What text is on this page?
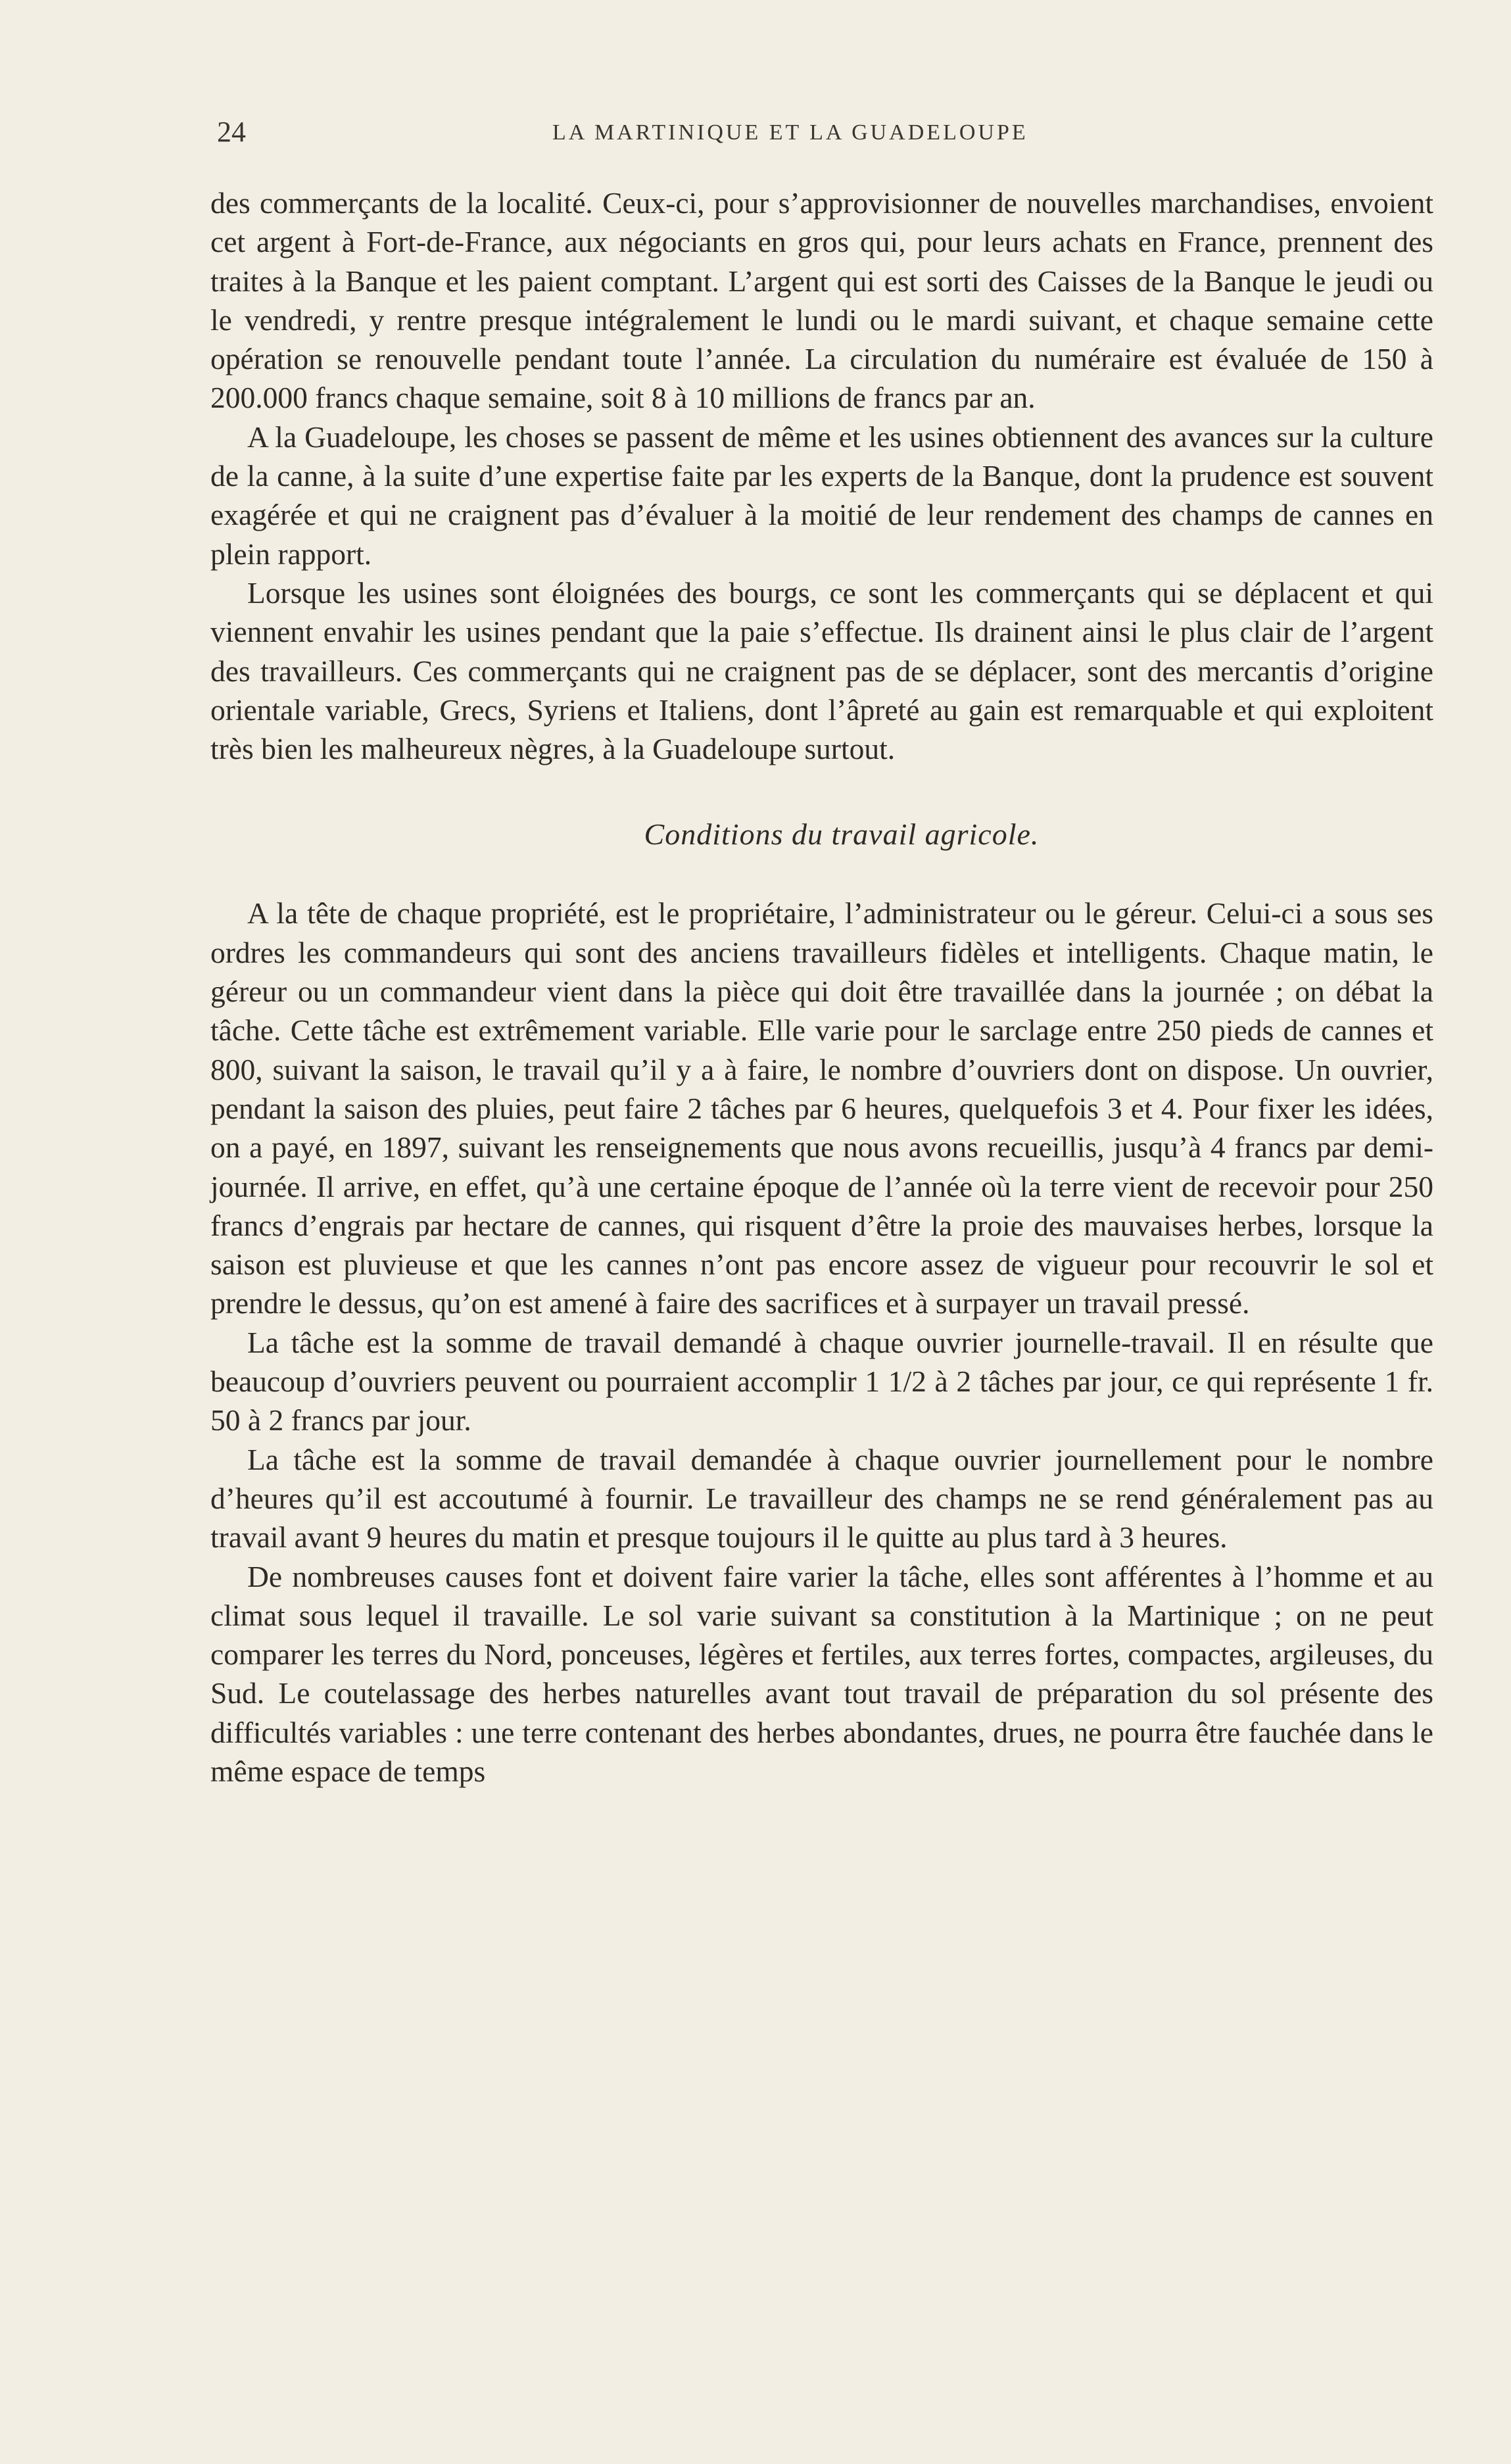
24	LA MARTINIQUE ET LA GUADELOUPE

des commerçants de la localité. Ceux-ci, pour s’approvisionner de nouvelles marchandises, envoient cet argent à Fort-de-France, aux négociants en gros qui, pour leurs achats en France, prennent des traites à la Banque et les paient comptant. L’argent qui est sorti des Caisses de la Banque le jeudi ou le vendredi, y rentre presque intégralement le lundi ou le mardi suivant, et chaque semaine cette opération se renouvelle pendant toute l’année. La circulation du numéraire est évaluée de 150 à 200.000 francs chaque semaine, soit 8 à 10 millions de francs par an.

A la Guadeloupe, les choses se passent de même et les usines obtiennent des avances sur la culture de la canne, à la suite d’une expertise faite par les experts de la Banque, dont la prudence est souvent exagérée et qui ne craignent pas d’évaluer à la moitié de leur rendement des champs de cannes en plein rapport.

Lorsque les usines sont éloignées des bourgs, ce sont les commerçants qui se déplacent et qui viennent envahir les usines pendant que la paie s’effectue. Ils drainent ainsi le plus clair de l’argent des travailleurs. Ces commerçants qui ne craignent pas de se déplacer, sont des mercantis d’origine orientale variable, Grecs, Syriens et Italiens, dont l’âpreté au gain est remarquable et qui exploitent très bien les malheureux nègres, à la Guadeloupe surtout.

Conditions du travail agricole.

A la tête de chaque propriété, est le propriétaire, l’administrateur ou le géreur. Celui-ci a sous ses ordres les commandeurs qui sont des anciens travailleurs fidèles et intelligents. Chaque matin, le géreur ou un commandeur vient dans la pièce qui doit être travaillée dans la journée ; on débat la tâche. Cette tâche est extrêmement variable. Elle varie pour le sarclage entre 250 pieds de cannes et 800, suivant la saison, le travail qu’il y a à faire, le nombre d’ouvriers dont on dispose. Un ouvrier, pendant la saison des pluies, peut faire 2 tâches par 6 heures, quelquefois 3 et 4. Pour fixer les idées, on a payé, en 1897, suivant les renseignements que nous avons recueillis, jusqu’à 4 francs par demi-journée. Il arrive, en effet, qu’à une certaine époque de l’année où la terre vient de recevoir pour 250 francs d’engrais par hectare de cannes, qui risquent d’être la proie des mauvaises herbes, lorsque la saison est pluvieuse et que les cannes n’ont pas encore assez de vigueur pour recouvrir le sol et prendre le dessus, qu’on est amené à faire des sacrifices et à surpayer un travail pressé.

La tâche est la somme de travail demandé à chaque ouvrier journelle-travail. Il en résulte que beaucoup d’ouvriers peuvent ou pourraient accomplir 1 1/2 à 2 tâches par jour, ce qui représente 1 fr. 50 à 2 francs par jour.

La tâche est la somme de travail demandée à chaque ouvrier journellement pour le nombre d’heures qu’il est accoutumé à fournir. Le travailleur des champs ne se rend généralement pas au travail avant 9 heures du matin et presque toujours il le quitte au plus tard à 3 heures.

De nombreuses causes font et doivent faire varier la tâche, elles sont afférentes à l’homme et au climat sous lequel il travaille. Le sol varie suivant sa constitution à la Martinique ; on ne peut comparer les terres du Nord, ponceuses, légères et fertiles, aux terres fortes, compactes, argileuses, du Sud. Le coutelassage des herbes naturelles avant tout travail de préparation du sol présente des difficultés variables : une terre contenant des herbes abondantes, drues, ne pourra être fauchée dans le même espace de temps
